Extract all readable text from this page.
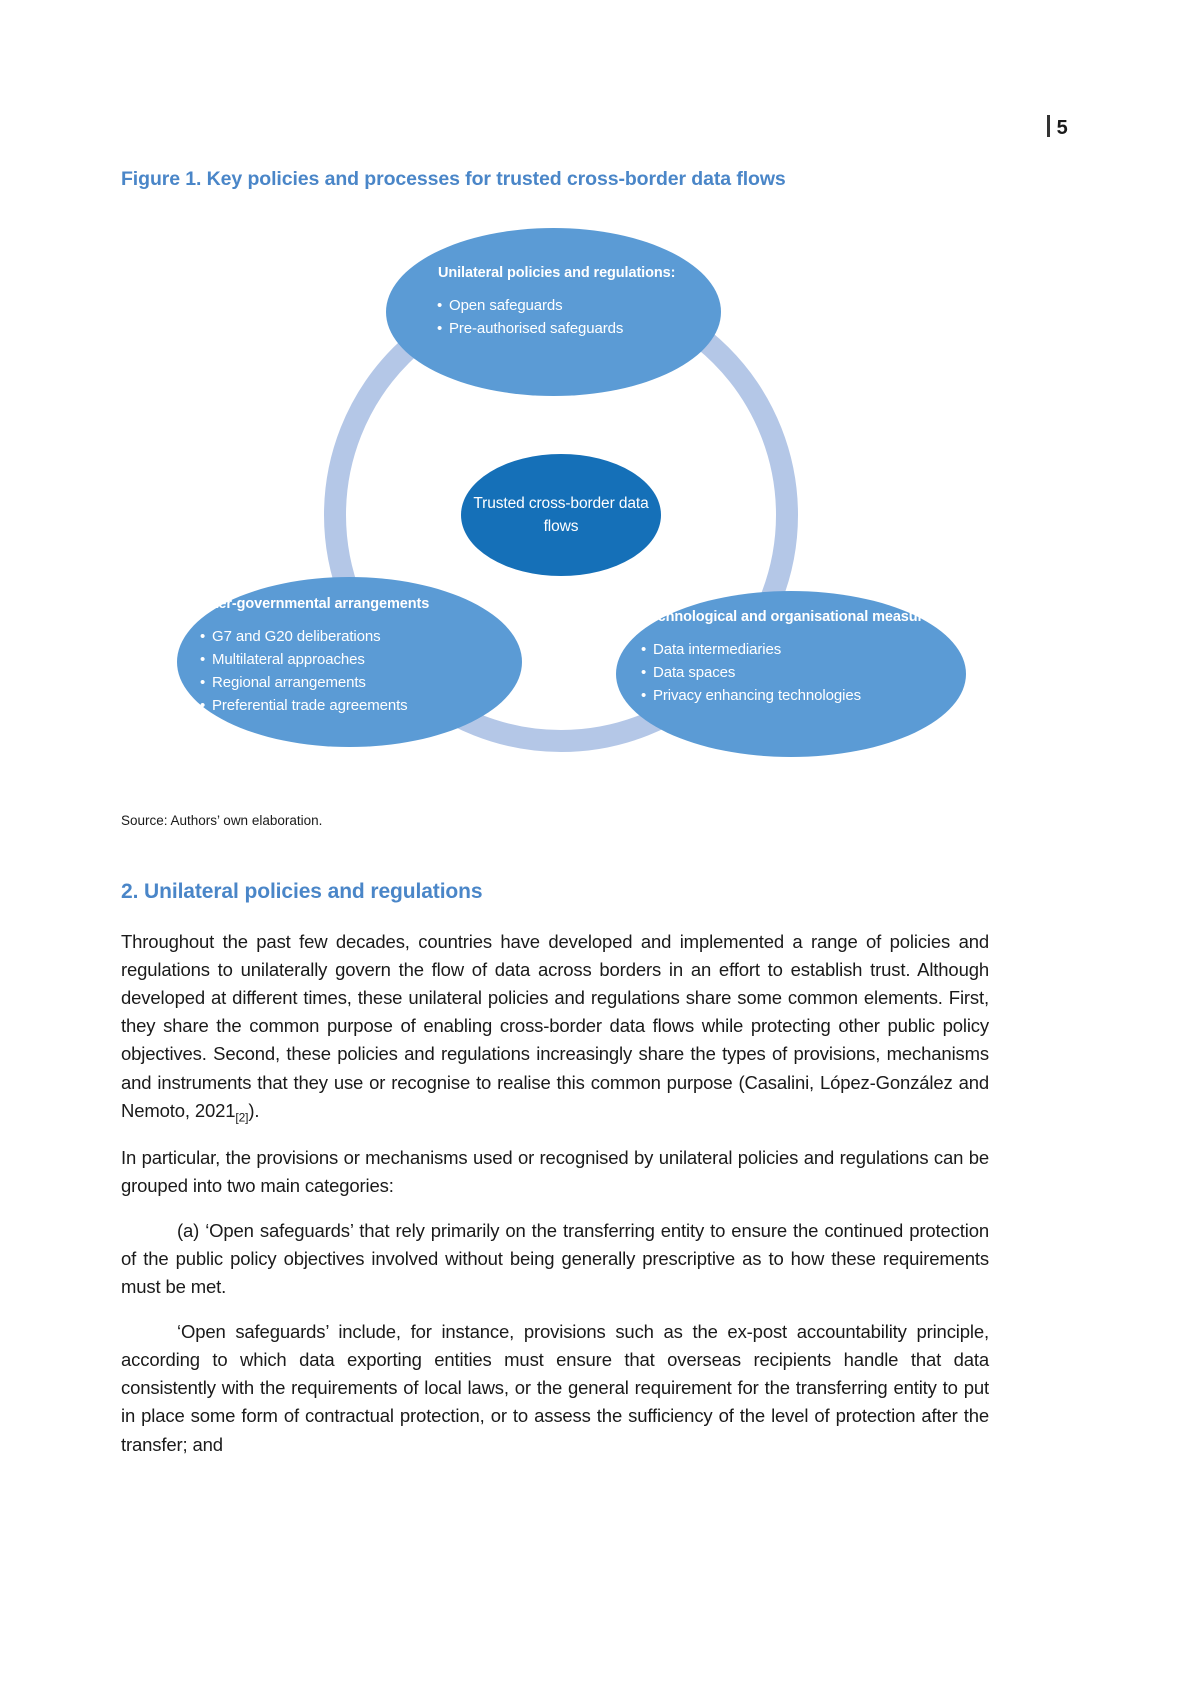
5
Figure 1. Key policies and processes for trusted cross-border data flows
Unilateral policies and regulations:
• Open safeguards
• Pre-authorised safeguards
Inter-governmental arrangements
• G7 and G20 deliberations
• Multilateral approaches
• Regional arrangements
• Preferential trade agreements
Technological and organisational measures:
• Data intermediaries
• Data spaces
• Privacy enhancing technologies
Trusted cross-border data flows
Source: Authors’ own elaboration.
2. Unilateral policies and regulations

Throughout the past few decades, countries have developed and implemented a range of policies and regulations to unilaterally govern the flow of data across borders in an effort to establish trust. Although developed at different times, these unilateral policies and regulations share some common elements. First, they share the common purpose of enabling cross-border data flows while protecting other public policy objectives. Second, these policies and regulations increasingly share the types of provisions, mechanisms and instruments that they use or recognise to realise this common purpose (Casalini, López-González and Nemoto, $2021_{[2]}$).

In particular, the provisions or mechanisms used or recognised by unilateral policies and regulations can be grouped into two main categories:

(a) ‘Open safeguards’ that rely primarily on the transferring entity to ensure the continued protection of the public policy objectives involved without being generally prescriptive as to how these requirements must be met.

‘Open safeguards’ include, for instance, provisions such as the ex-post accountability principle, according to which data exporting entities must ensure that overseas recipients handle that data consistently with the requirements of local laws, or the general requirement for the transferring entity to put in place some form of contractual protection, or to assess the sufficiency of the level of protection after the transfer; and
